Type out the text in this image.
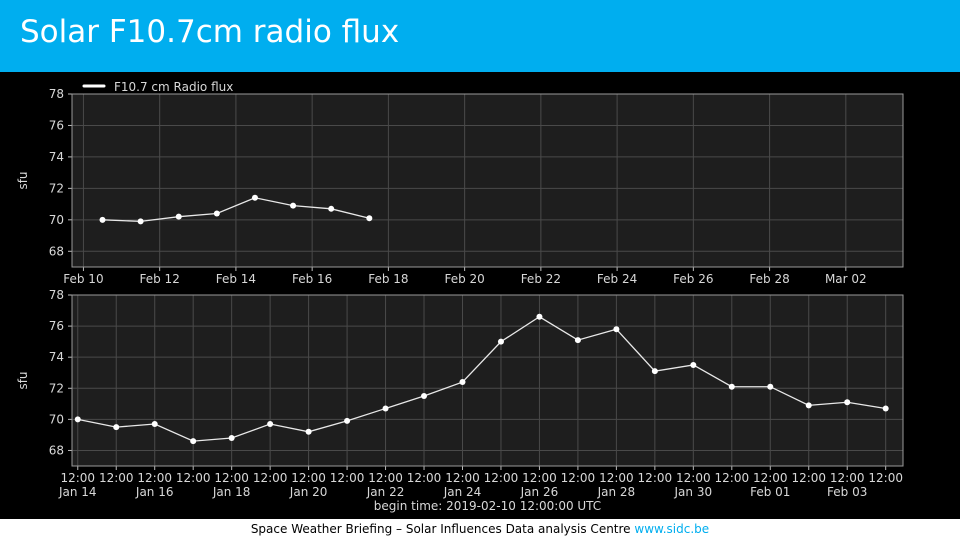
Solar F10.7cm radio flux
68
70
72
74
76
78
Feb 10	Feb 12	Feb 14	Feb 16	Feb 18	Feb 20	Feb 22	Feb 24	Feb 26	Feb 28	Mar 02
sfu
F10.7 cm Radio flux
68
70
72
74
76
78
12:00
Jan 14
12:00 12:00
Jan 16
12:00 12:00
Jan 18
12:00 12:00
Jan 20
12:00 12:00
Jan 22
12:00 12:00
Jan 24
12:00 12:00
Jan 26
12:00 12:00
Jan 28
12:00 12:00
Jan 30
12:00 12:00
Feb 01
12:00 12:00
Feb 03
12:00
sfu
begin time: 2019-02-10 12:00:00 UTC
Space Weather Briefing – Solar Influences Data analysis Centre www.sidc.be
